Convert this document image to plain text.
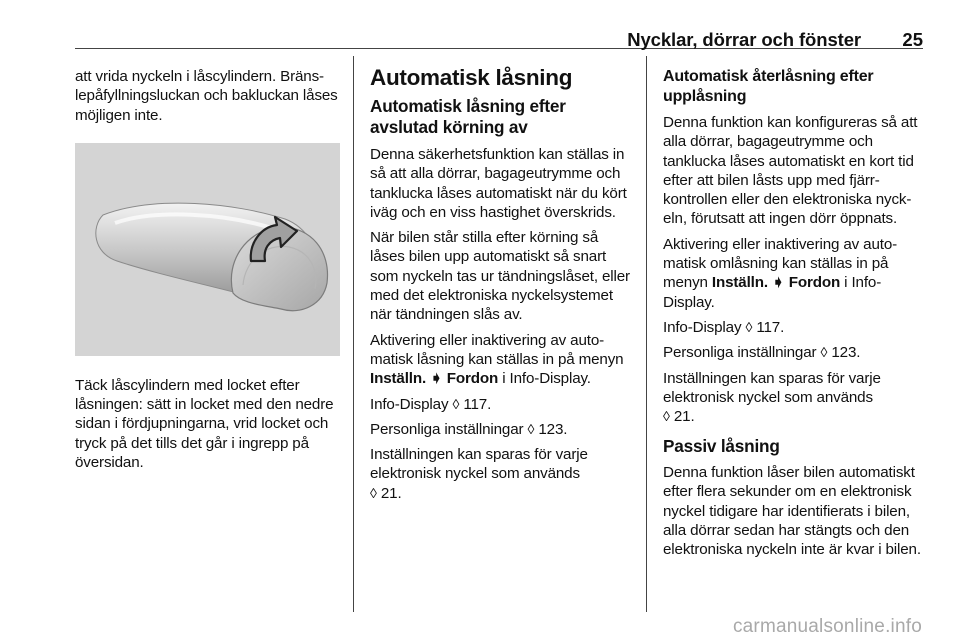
Nycklar, dörrar och fönster 25

att vrida nyckeln i låscylindern. Bränslepåfyllningsluckan och bakluckan låses möjligen inte.

Täck låscylindern med locket efter låsningen: sätt in locket med den nedre sidan i fördjupningarna, vrid locket och tryck på det tills det går i ingrepp på översidan.

Automatisk låsning
Automatisk låsning efter avslutad körning av

Denna säkerhetsfunktion kan ställas in så att alla dörrar, bagageutrymme och tanklucka låses automatiskt när du kört iväg och en viss hastighet överskrids.

När bilen står stilla efter körning så låses bilen upp automatiskt så snart som nyckeln tas ur tändningslåset, eller med det elektroniska nyckelsystemet när tändningen slås av.

Aktivering eller inaktivering av automatisk låsning kan ställas in på menyn Inställn. ➧ Fordon i Info-Display.

Info-Display ◊ 117.

Personliga inställningar ◊ 123.

Inställningen kan sparas för varje elektronisk nyckel som används
◊ 21.

Automatisk återlåsning efter upplåsning

Denna funktion kan konfigureras så att alla dörrar, bagageutrymme och tanklucka låses automatiskt en kort tid efter att bilen låsts upp med fjärrkontrollen eller den elektroniska nyckeln, förutsatt att ingen dörr öppnats.

Aktivering eller inaktivering av automatisk omlåsning kan ställas in på menyn Inställn. ➧ Fordon i Info-Display.

Info-Display ◊ 117.

Personliga inställningar ◊ 123.

Inställningen kan sparas för varje elektronisk nyckel som används
◊ 21.

Passiv låsning

Denna funktion låser bilen automatiskt efter flera sekunder om en elektronisk nyckel tidigare har identifierats i bilen, alla dörrar sedan har stängts och den elektroniska nyckeln inte är kvar i bilen.

carmanualsonline.info
